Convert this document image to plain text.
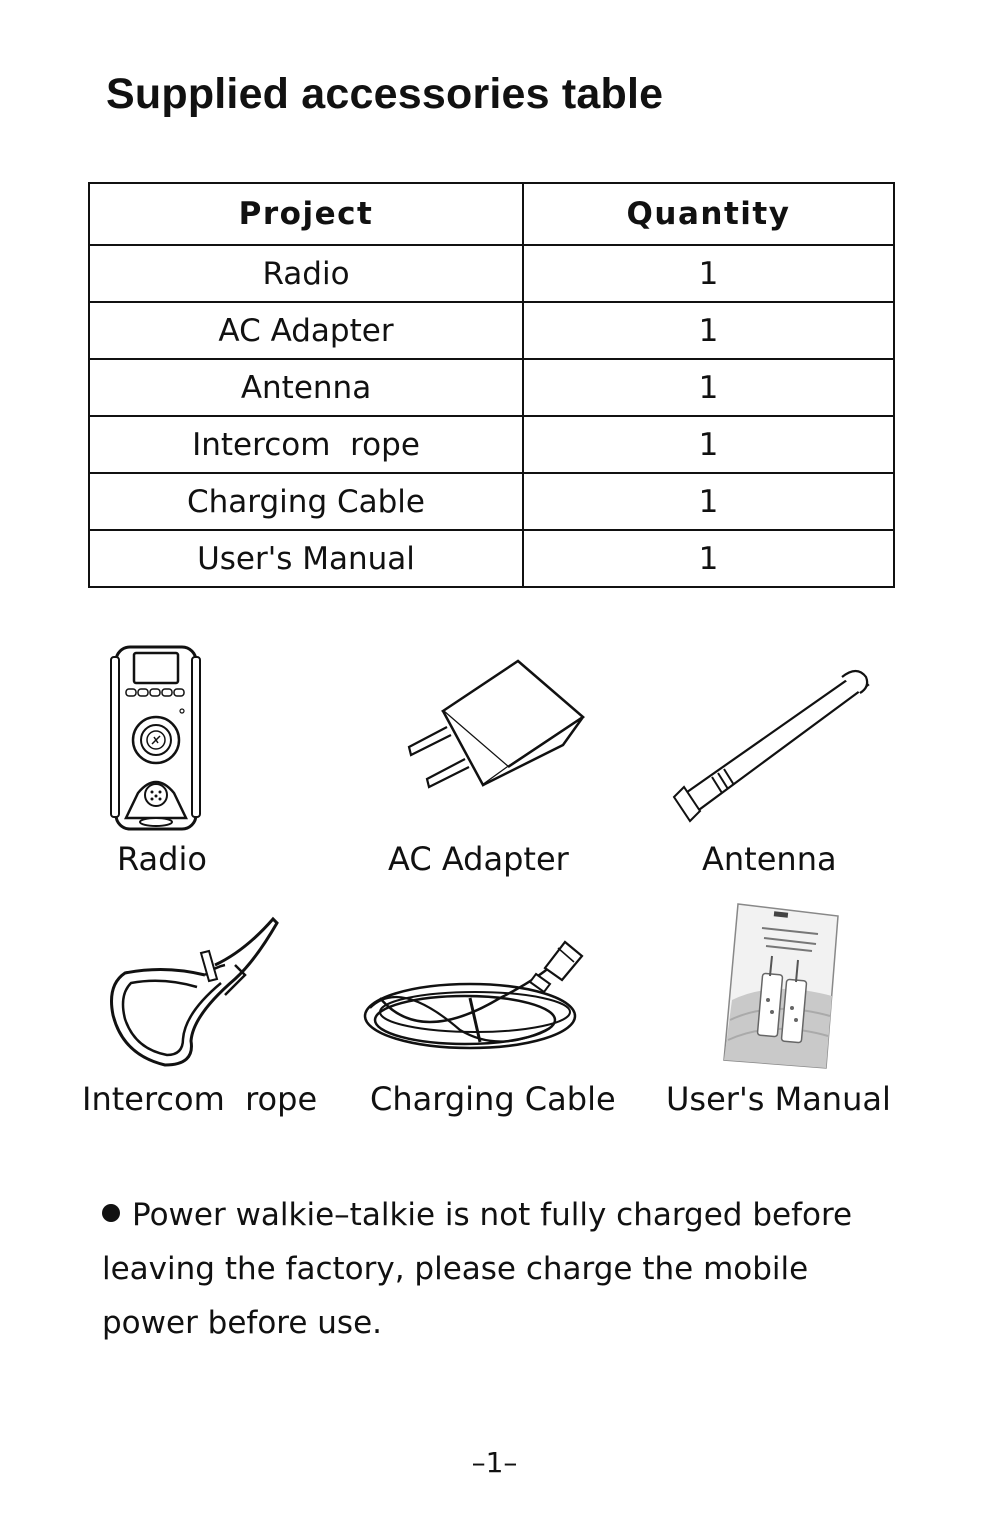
Supplied accessories table
Project	Quantity
Radio	1
AC Adapter	1
Antenna	1
Intercom  rope	1
Charging Cable	1
User's Manual	1
Radio	AC Adapter	Antenna
Intercom  rope Charging Cable User's Manual

Power walkie–talkie is not fully charged before leaving the factory, please charge the mobile power before use.

–1–
